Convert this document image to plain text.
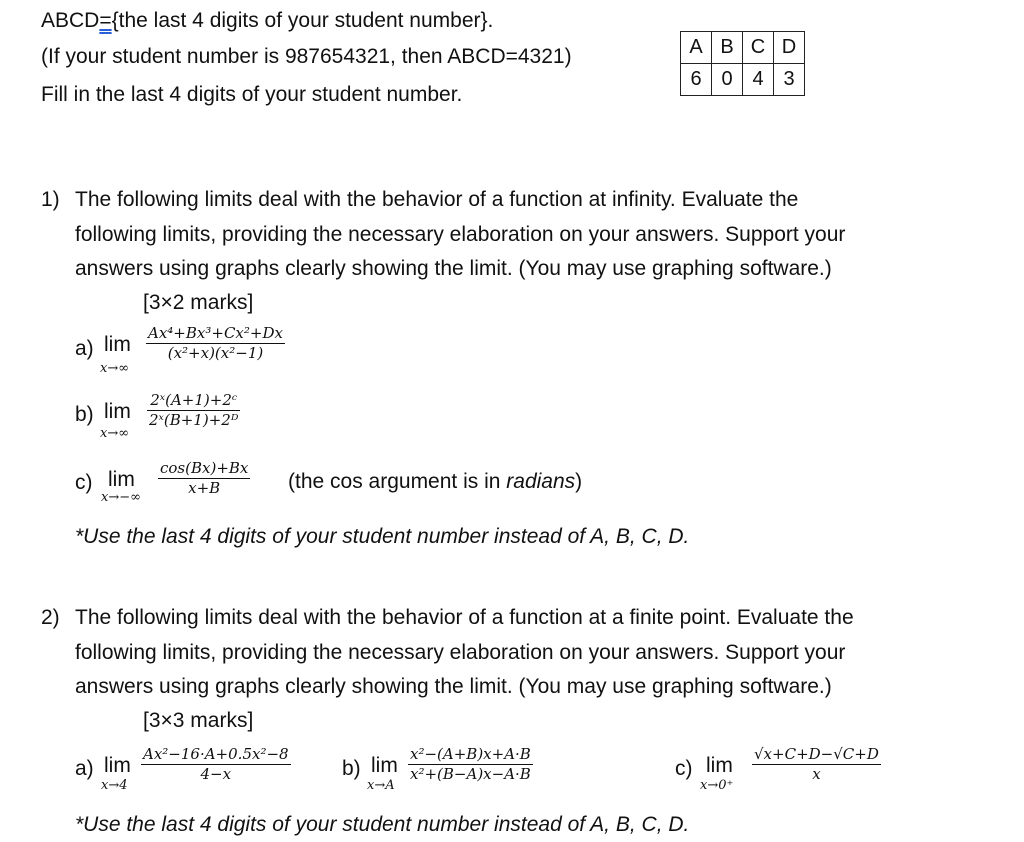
ABCD={the last 4 digits of your student number}.
(If your student number is 987654321, then ABCD=4321)
Fill in the last 4 digits of your student number.
A	B	C	D
6	0	4	3
1) The following limits deal with the behavior of a function at infinity. Evaluate the
following limits, providing the necessary elaboration on your answers. Support your
answers using graphs clearly showing the limit. (You may use graphing software.)
[3×2 marks]
a) lim
x→∞
Ax⁴+Bx³+Cx²+Dx
(x²+x)(x²−1)
b) lim
x→∞
2ˣ(A+1)+2ᶜ
2ˣ(B+1)+2ᴰ
c) lim
x→−∞
cos(Bx)+Bx
x+B	(the cos argument is in radians)
*Use the last 4 digits of your student number instead of A, B, C, D.
2) The following limits deal with the behavior of a function at a finite point. Evaluate the
following limits, providing the necessary elaboration on your answers. Support your
answers using graphs clearly showing the limit. (You may use graphing software.)
[3×3 marks]
a) lim
x→4
Ax²−16·A+0.5x²−8
4−x	b) lim
x→A
x²−(A+B)x+A·B
x²+(B−A)x−A·B	c) lim
x→0⁺
√x+C+D−√C+D
x
*Use the last 4 digits of your student number instead of A, B, C, D.
